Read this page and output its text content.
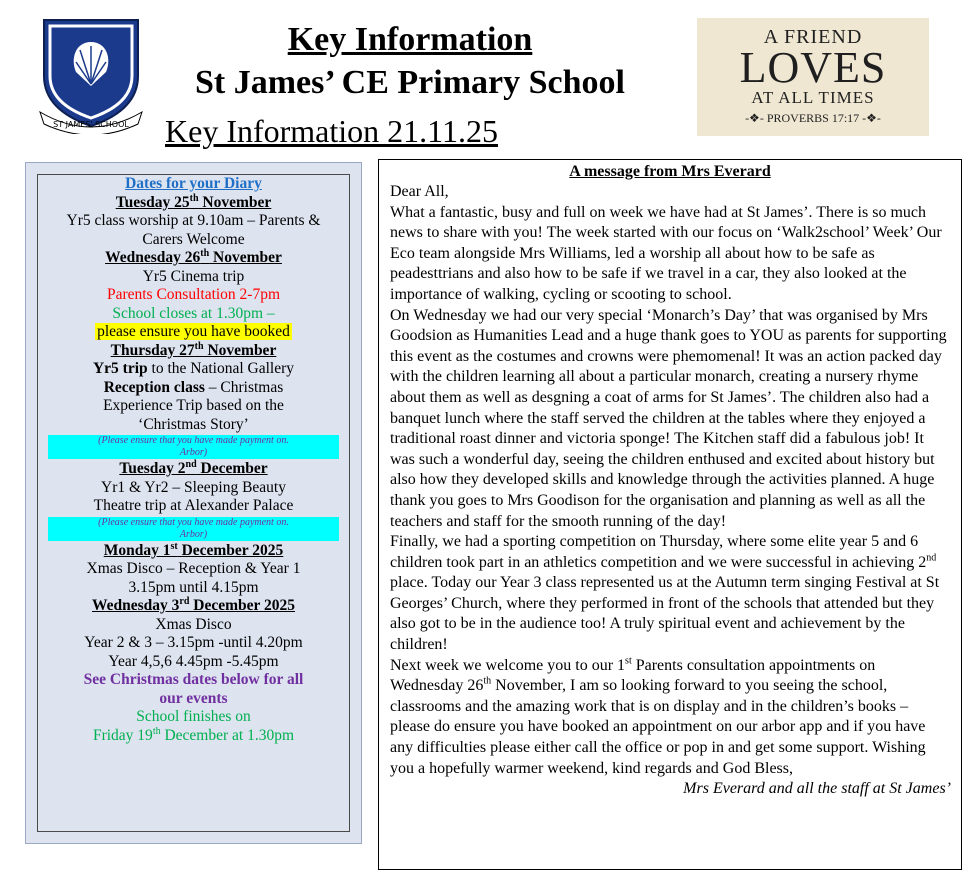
ST JAMES' SCHOOL
Key Information
St James’ CE Primary School
Key Information 21.11.25
A FRIEND
LOVES
AT ALL TIMES
-❖- PROVERBS 17:17 -❖-
Dates for your Diary
Tuesday 25th November
Yr5 class worship at 9.10am – Parents &
Carers Welcome
Wednesday 26th November
Yr5 Cinema trip
Parents Consultation 2-7pm
School closes at 1.30pm –
please ensure you have booked
Thursday 27th November
Yr5 trip to the National Gallery
Reception class – Christmas
Experience Trip based on the
‘Christmas Story’
(Please ensure that you have made payment on.
Arbor)
Tuesday 2nd December
Yr1 & Yr2 – Sleeping Beauty
Theatre trip at Alexander Palace
(Please ensure that you have made payment on.
Arbor)
Monday 1st December 2025
Xmas Disco – Reception & Year 1
3.15pm until 4.15pm
Wednesday 3rd December 2025
Xmas Disco
Year 2 & 3 – 3.15pm -until 4.20pm
Year 4,5,6 4.45pm -5.45pm
See Christmas dates below for all
our events
School finishes on
Friday 19th December at 1.30pm
A message from Mrs Everard

Dear All,

What a fantastic, busy and full on week we have had at St James’. There is so much news to share with you! The week started with our focus on ‘Walk2school’ Week’ Our Eco team alongside Mrs Williams, led a worship all about how to be safe as peadesttrians and also how to be safe if we travel in a car, they also looked at the importance of walking, cycling or scooting to school.

On Wednesday we had our very special ‘Monarch’s Day’ that was organised by Mrs Goodsion as Humanities Lead and a huge thank goes to YOU as parents for supporting this event as the costumes and crowns were phemomenal! It was an action packed day with the children learning all about a particular monarch, creating a nursery rhyme about them as well as desgning a coat of arms for St James’. The children also had a banquet lunch where the staff served the children at the tables where they enjoyed a traditional roast dinner and victoria sponge! The Kitchen staff did a fabulous job! It was such a wonderful day, seeing the children enthused and excited about history but also how they developed skills and knowledge through the activities planned. A huge thank you goes to Mrs Goodison for the organisation and planning as well as all the teachers and staff for the smooth running of the day!

Finally, we had a sporting competition on Thursday, where some elite year 5 and 6 children took part in an athletics competition and we were successful in achieving 2nd place. Today our Year 3 class represented us at the Autumn term singing Festival at St Georges’ Church, where they performed in front of the schools that attended but they also got to be in the audience too! A truly spiritual event and achievement by the children!

Next week we welcome you to our 1st Parents consultation appointments on Wednesday 26th November, I am so looking forward to you seeing the school, classrooms and the amazing work that is on display and in the children’s books – please do ensure you have booked an appointment on our arbor app and if you have any difficulties please either call the office or pop in and get some support. Wishing you a hopefully warmer weekend, kind regards and God Bless,
Mrs Everard and all the staff at St James’
